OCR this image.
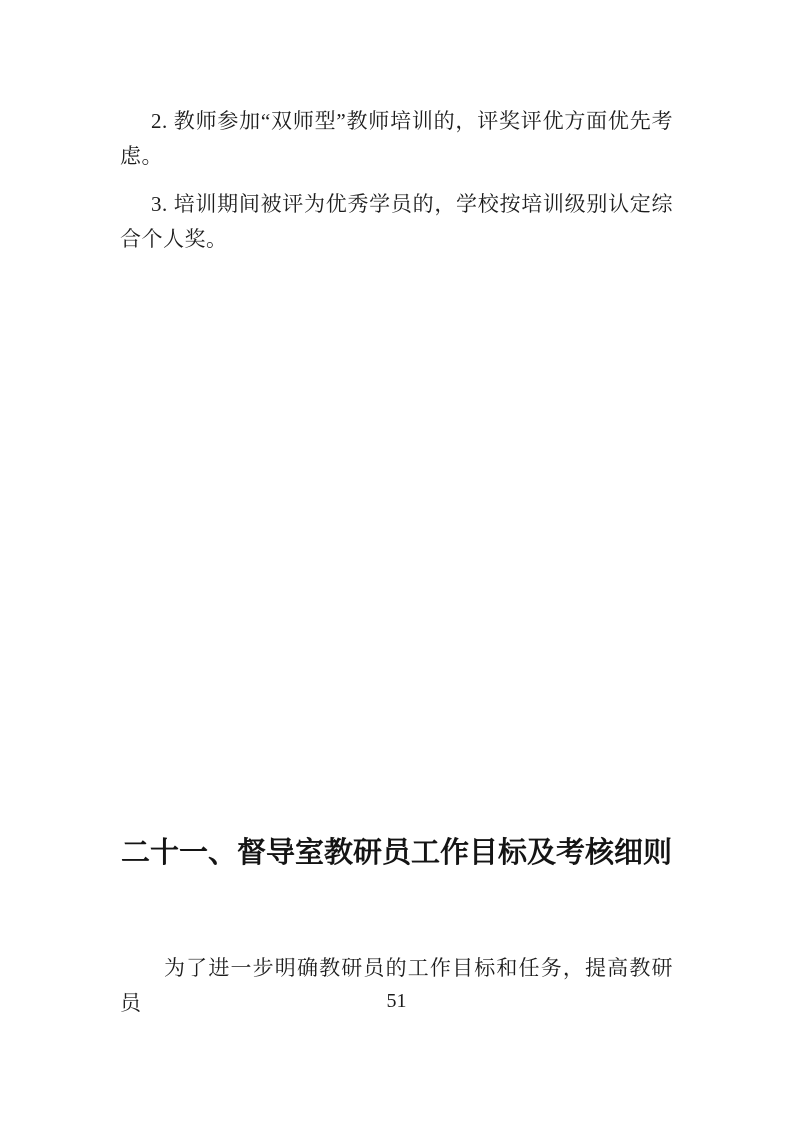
2. 教师参加“双师型”教师培训的，评奖评优方面优先考虑。

3. 培训期间被评为优秀学员的，学校按培训级别认定综合个人奖。

二十一、督导室教研员工作目标及考核细则

为了进一步明确教研员的工作目标和任务，提高教研员	51
